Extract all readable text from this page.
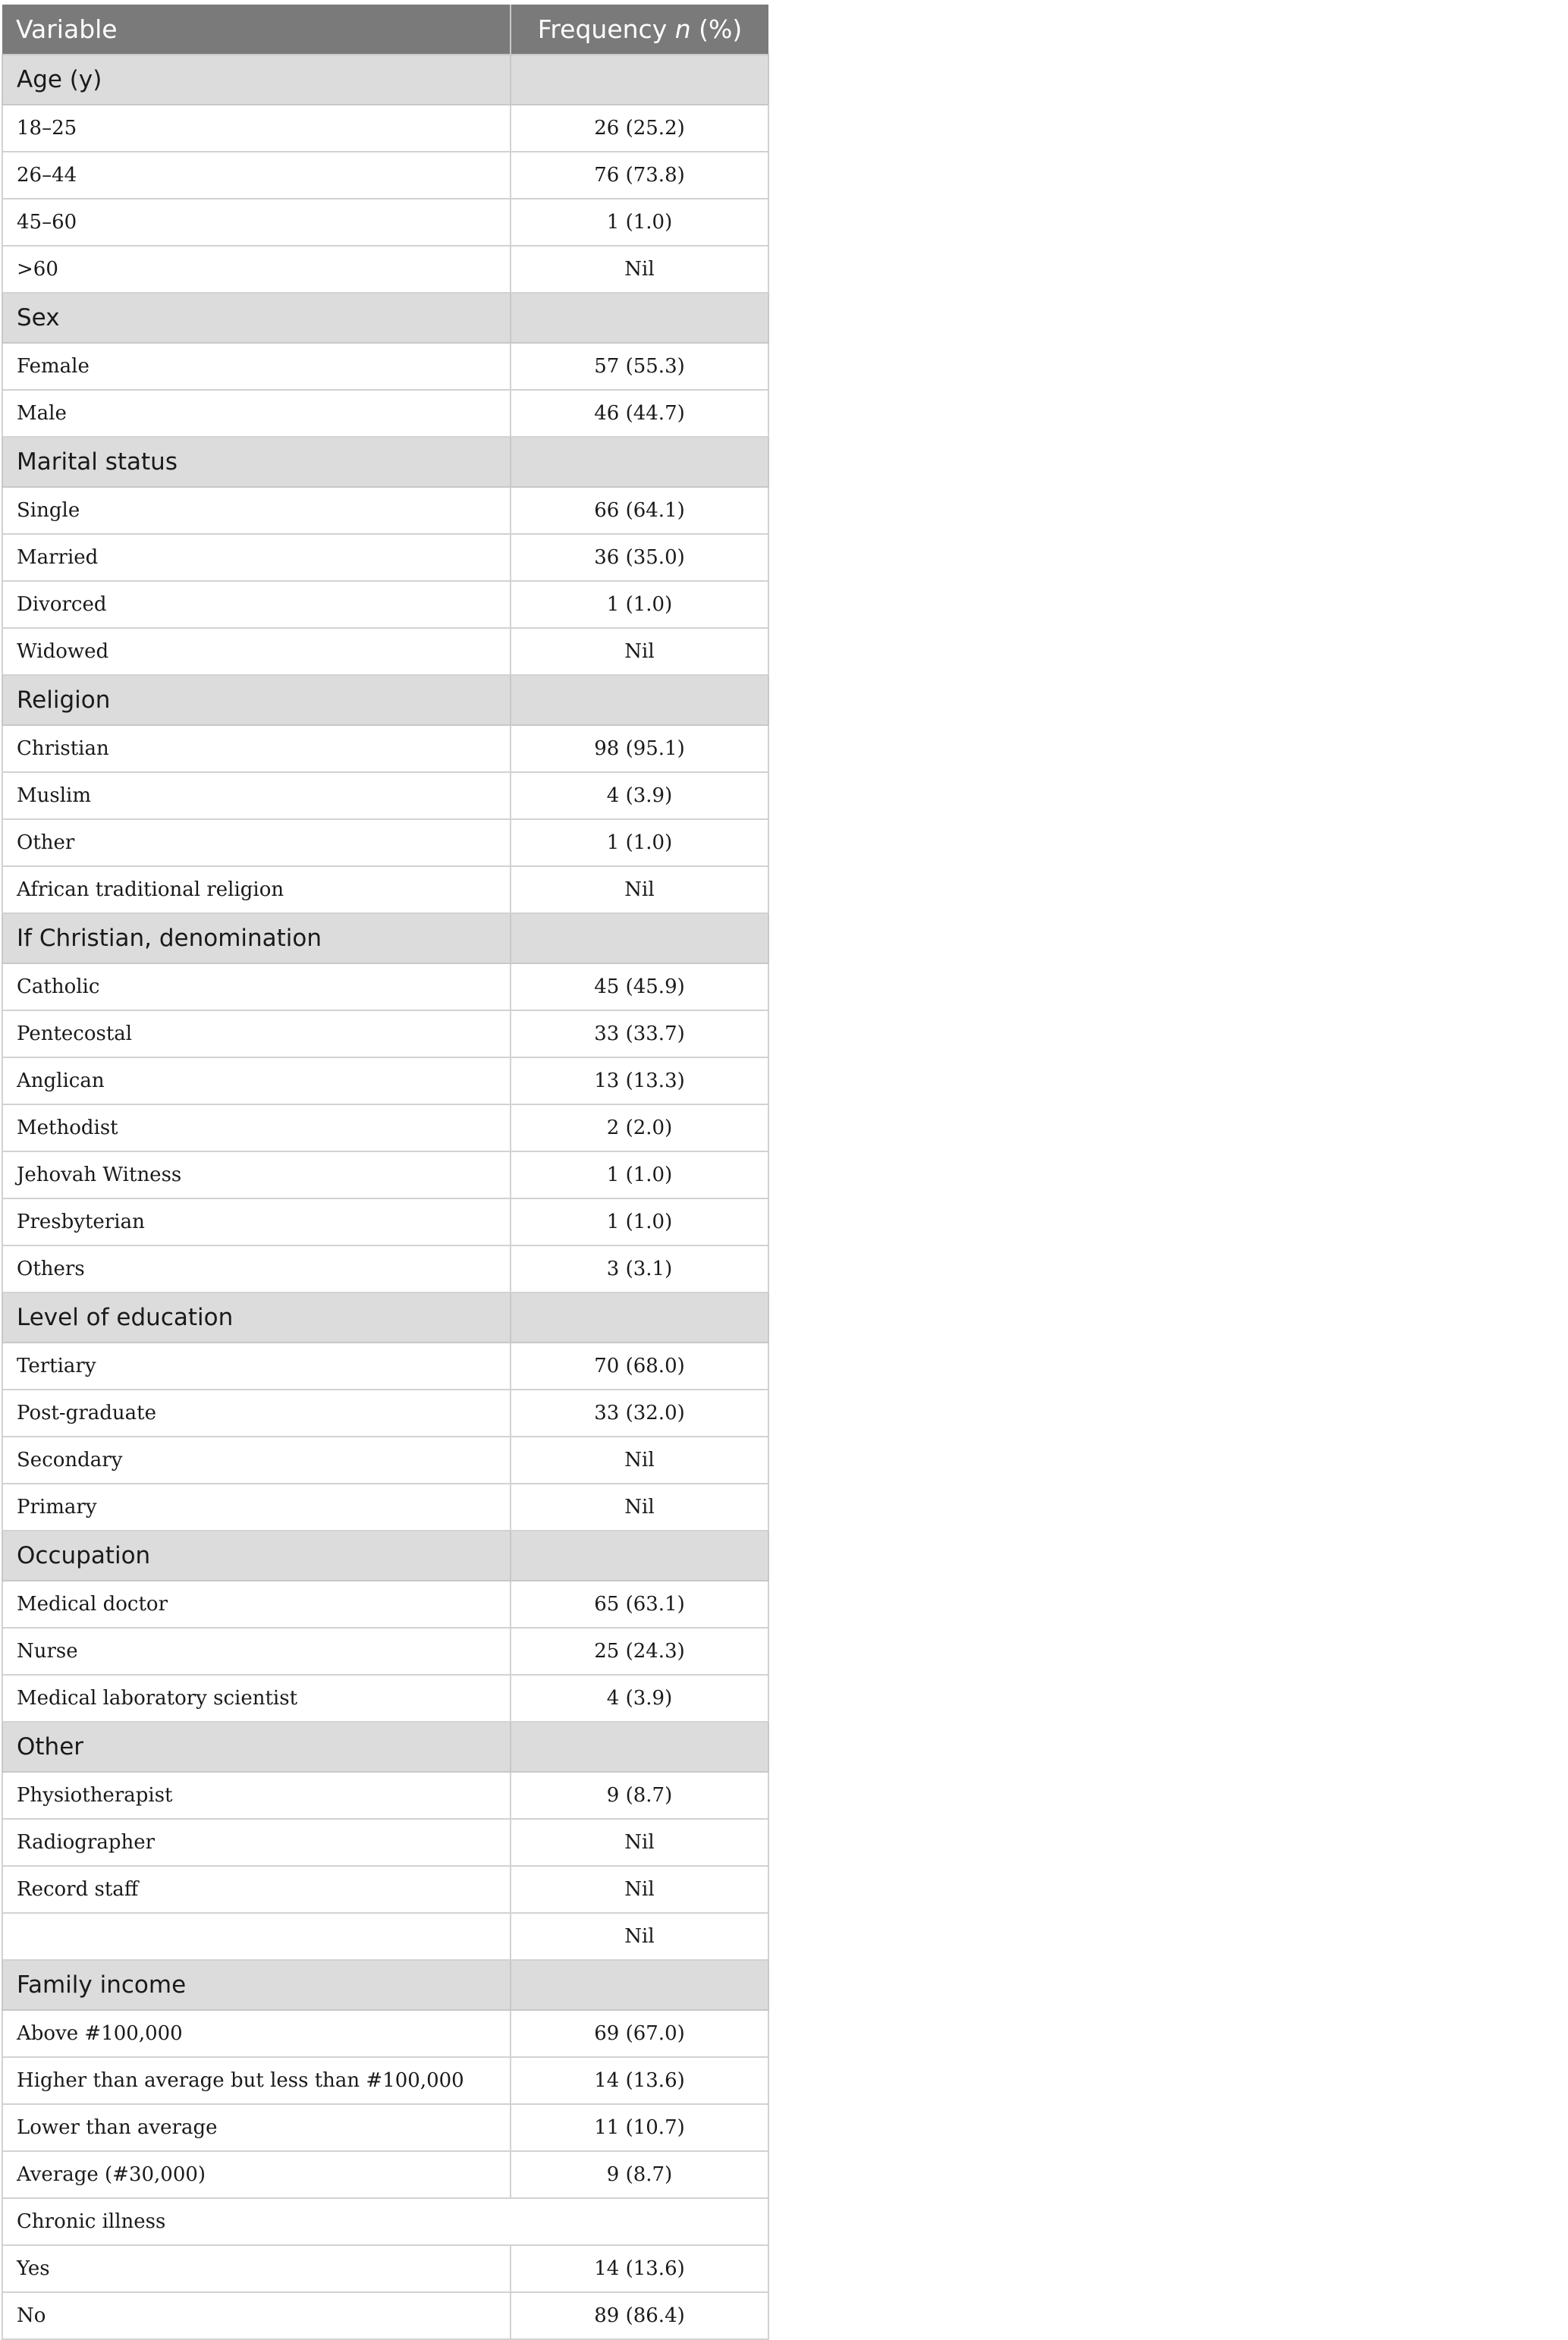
Variable	Frequency n (%)
Age (y)	
18–25	26 (25.2)
26–44	76 (73.8)
45–60	1 (1.0)
>60	Nil
Sex	
Female	57 (55.3)
Male	46 (44.7)
Marital status	
Single	66 (64.1)
Married	36 (35.0)
Divorced	1 (1.0)
Widowed	Nil
Religion	
Christian	98 (95.1)
Muslim	4 (3.9)
Other	1 (1.0)
African traditional religion	Nil
If Christian, denomination	
Catholic	45 (45.9)
Pentecostal	33 (33.7)
Anglican	13 (13.3)
Methodist	2 (2.0)
Jehovah Witness	1 (1.0)
Presbyterian	1 (1.0)
Others	3 (3.1)
Level of education	
Tertiary	70 (68.0)
Post-graduate	33 (32.0)
Secondary	Nil
Primary	Nil
Occupation	
Medical doctor	65 (63.1)
Nurse	25 (24.3)
Medical laboratory scientist	4 (3.9)
Other	
Physiotherapist	9 (8.7)
Radiographer	Nil
Record staff	Nil
	Nil
Family income	
Above #100,000	69 (67.0)
Higher than average but less than #100,000	14 (13.6)
Lower than average	11 (10.7)
Average (#30,000)	9 (8.7)
Chronic illness	
Yes	14 (13.6)
No	89 (86.4)
